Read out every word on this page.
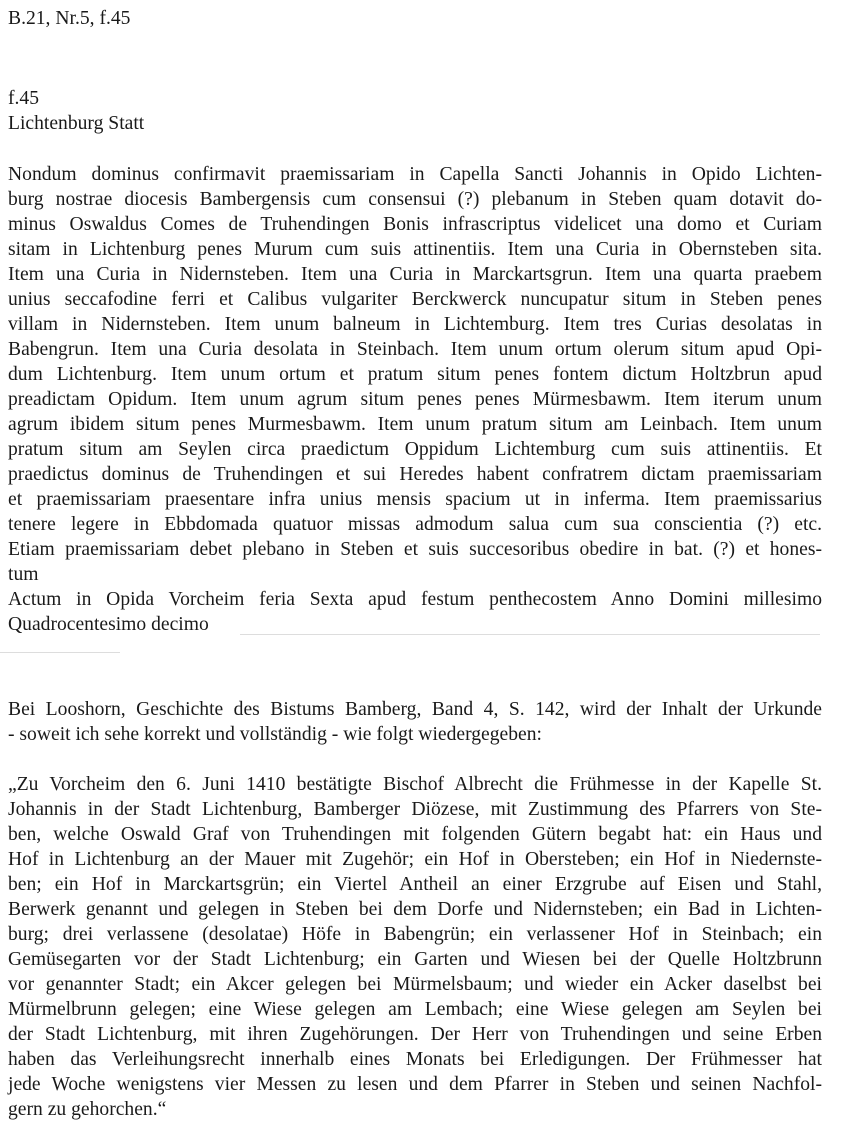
B.21, Nr.5, f.45
f.45
Lichtenburg Statt
Nondum dominus confirmavit praemissariam in Capella Sancti Johannis in Opido Lichten-
burg nostrae diocesis Bambergensis cum consensui (?) plebanum in Steben quam dotavit do-
minus Oswaldus Comes de Truhendingen Bonis infrascriptus videlicet una domo et Curiam
sitam in Lichtenburg penes Murum cum suis attinentiis. Item una Curia in Obernsteben sita.
Item una Curia in Nidernsteben. Item una Curia in Marckartsgrun. Item una quarta praebem
unius seccafodine ferri et Calibus vulgariter Berckwerck nuncupatur situm in Steben penes
villam in Nidernsteben. Item unum balneum in Lichtemburg. Item tres Curias desolatas in
Babengrun. Item una Curia desolata in Steinbach. Item unum ortum olerum situm apud Opi-
dum Lichtenburg. Item unum ortum et pratum situm penes fontem dictum Holtzbrun apud
preadictam Opidum. Item unum agrum situm penes penes Mürmesbawm. Item iterum unum
agrum ibidem situm penes Murmesbawm. Item unum pratum situm am Leinbach. Item unum
pratum situm am Seylen circa praedictum Oppidum Lichtemburg cum suis attinentiis. Et
praedictus dominus de Truhendingen et sui Heredes habent confratrem dictam praemissariam
et praemissariam praesentare infra unius mensis spacium ut in inferma. Item praemissarius
tenere legere in Ebbdomada quatuor missas admodum salua cum sua conscientia (?) etc.
Etiam praemissariam debet plebano in Steben et suis succesoribus obedire in bat. (?) et hones-
tum
Actum in Opida Vorcheim feria Sexta apud festum penthecostem Anno Domini millesimo
Quadrocentesimo decimo
Bei Looshorn, Geschichte des Bistums Bamberg, Band 4, S. 142, wird der Inhalt der Urkunde
- soweit ich sehe korrekt und vollständig - wie folgt wiedergegeben:
„Zu Vorcheim den 6. Juni 1410 bestätigte Bischof Albrecht die Frühmesse in der Kapelle St.
Johannis in der Stadt Lichtenburg, Bamberger Diözese, mit Zustimmung des Pfarrers von Ste-
ben, welche Oswald Graf von Truhendingen mit folgenden Gütern begabt hat: ein Haus und
Hof in Lichtenburg an der Mauer mit Zugehör; ein Hof in Obersteben; ein Hof in Niedernste-
ben; ein Hof in Marckartsgrün; ein Viertel Antheil an einer Erzgrube auf Eisen und Stahl,
Berwerk genannt und gelegen in Steben bei dem Dorfe und Nidernsteben; ein Bad in Lichten-
burg; drei verlassene (desolatae) Höfe in Babengrün; ein verlassener Hof in Steinbach; ein
Gemüsegarten vor der Stadt Lichtenburg; ein Garten und Wiesen bei der Quelle Holtzbrunn
vor genannter Stadt; ein Akcer gelegen bei Mürmelsbaum; und wieder ein Acker daselbst bei
Mürmelbrunn gelegen; eine Wiese gelegen am Lembach; eine Wiese gelegen am Seylen bei
der Stadt Lichtenburg, mit ihren Zugehörungen. Der Herr von Truhendingen und seine Erben
haben das Verleihungsrecht innerhalb eines Monats bei Erledigungen. Der Frühmesser hat
jede Woche wenigstens vier Messen zu lesen und dem Pfarrer in Steben und seinen Nachfol-
gern zu gehorchen.“
